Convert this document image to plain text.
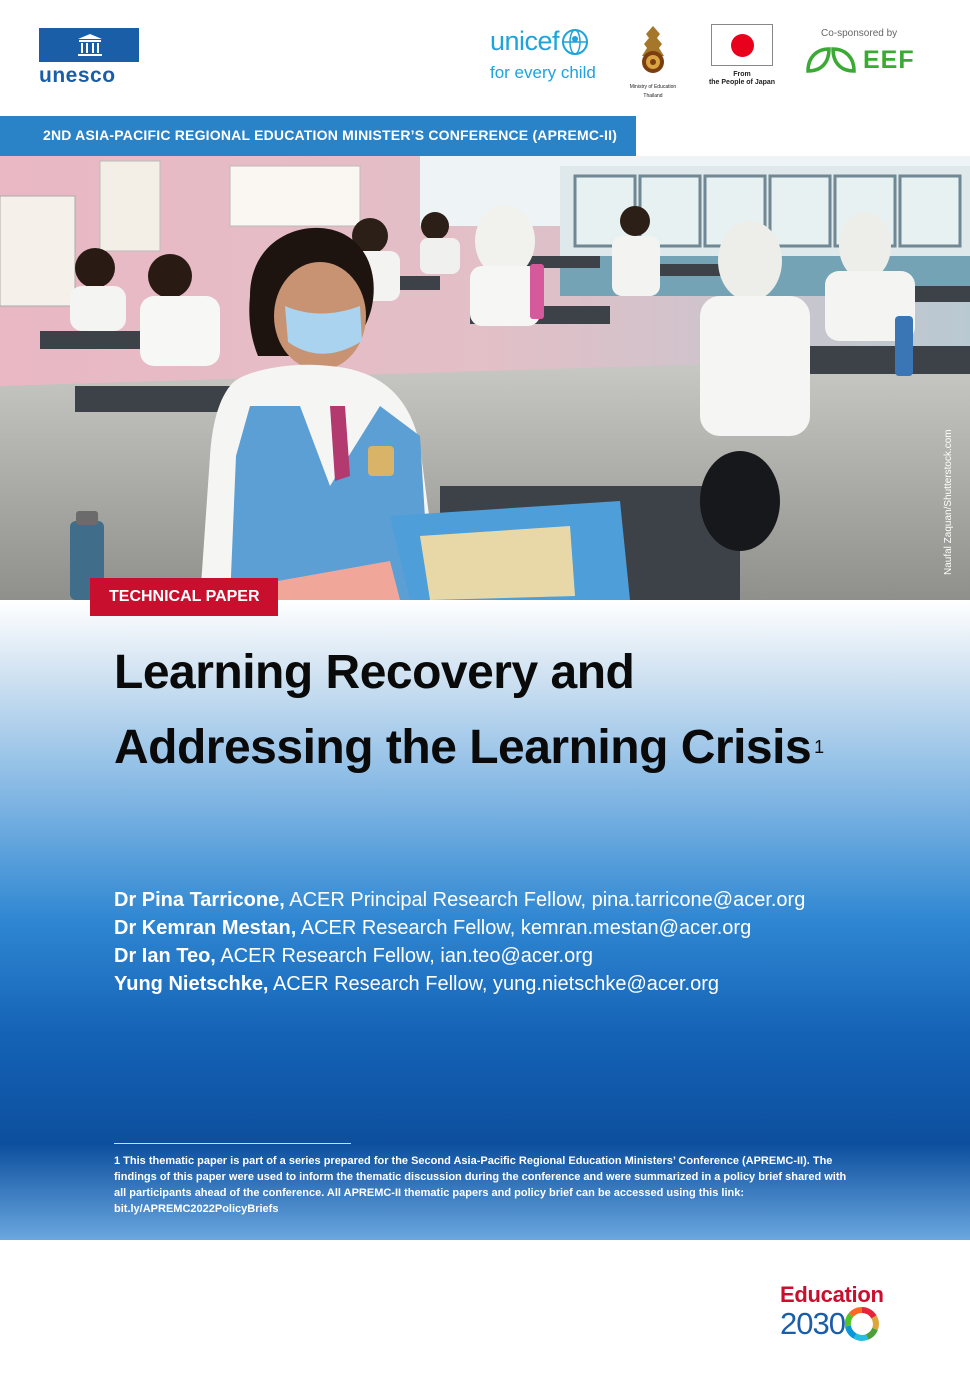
unesco
unicef
for every child
Ministry of Education
Thailand
From
the People of Japan
Co-sponsored by
EEF
2ND ASIA-PACIFIC REGIONAL EDUCATION MINISTER’S CONFERENCE (APREMC-II)
Naufal Zaquan/Shutterstock.com
TECHNICAL PAPER
Learning Recovery and
Addressing the Learning Crisis $^1$
Dr Pina Tarricone, ACER Principal Research Fellow, pina.tarricone@acer.org
Dr Kemran Mestan, ACER Research Fellow, kemran.mestan@acer.org
Dr Ian Teo, ACER Research Fellow, ian.teo@acer.org
Yung Nietschke, ACER Research Fellow, yung.nietschke@acer.org
1 This thematic paper is part of a series prepared for the Second Asia-Pacific Regional Education Ministers’ Conference (APREMC-II). The findings of this paper were used to inform the thematic discussion during the conference and were summarized in a policy brief shared with all participants ahead of the conference. All APREMC-II thematic papers and policy brief can be accessed using this link: bit.ly/APREMC2022PolicyBriefs
Education
2030
